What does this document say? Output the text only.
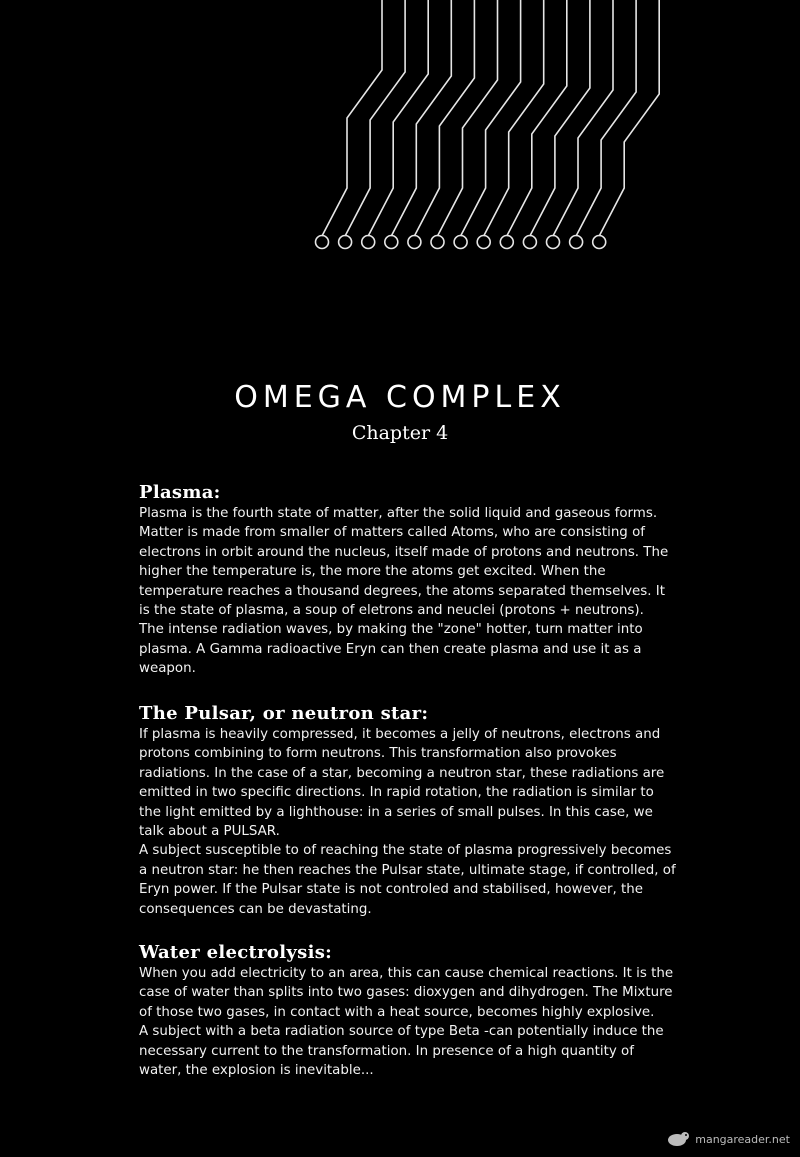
OMEGA COMPLEX
Chapter 4
Plasma:

Plasma is the fourth state of matter, after the solid liquid and gaseous forms.
Matter is made from smaller of matters called Atoms, who are consisting of
electrons in orbit around the nucleus, itself made of protons and neutrons. The
higher the temperature is, the more the atoms get excited. When the
temperature reaches a thousand degrees, the atoms separated themselves. It
is the state of plasma, a soup of eletrons and neuclei (protons + neutrons).
The intense radiation waves, by making the "zone" hotter, turn matter into
plasma. A Gamma radioactive Eryn can then create plasma and use it as a
weapon.

The Pulsar, or neutron star:

If plasma is heavily compressed, it becomes a jelly of neutrons, electrons and
protons combining to form neutrons. This transformation also provokes
radiations. In the case of a star, becoming a neutron star, these radiations are
emitted in two specific directions. In rapid rotation, the radiation is similar to
the light emitted by a lighthouse: in a series of small pulses. In this case, we
talk about a PULSAR.
A subject susceptible to of reaching the state of plasma progressively becomes
a neutron star: he then reaches the Pulsar state, ultimate stage, if controlled, of
Eryn power. If the Pulsar state is not controled and stabilised, however, the
consequences can be devastating.

Water electrolysis:

When you add electricity to an area, this can cause chemical reactions. It is the
case of water than splits into two gases: dioxygen and dihydrogen. The Mixture
of those two gases, in contact with a heat source, becomes highly explosive.
A subject with a beta radiation source of type Beta -can potentially induce the
necessary current to the transformation. In presence of a high quantity of
water, the explosion is inevitable...

mangareader.net
